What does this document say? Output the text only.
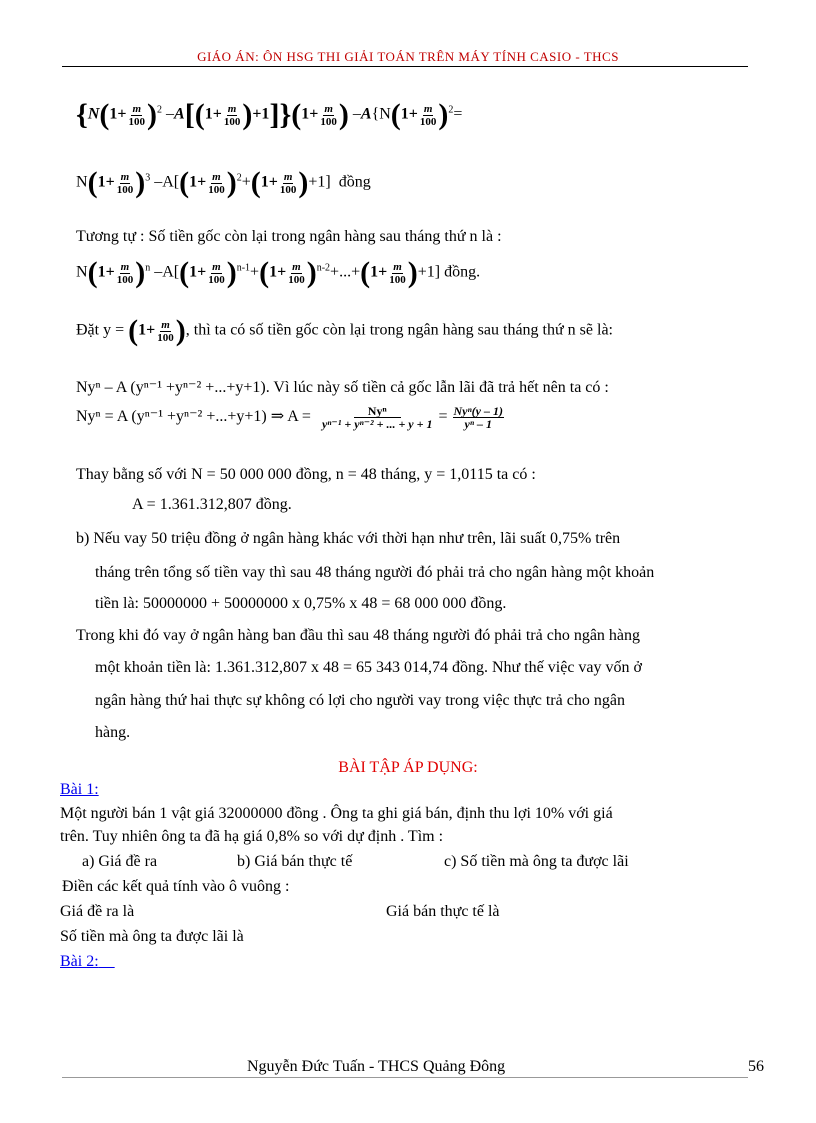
GIÁO ÁN: ÔN HSG THI GIẢI TOÁN TRÊN MÁY TÍNH CASIO - THCS
{$N(1+ \frac{m}{100} )^2$ $-A[(1+ \frac{m}{100} )+1]\}(1+ \frac{m}{100}$ ) $-A\{N(1+ \frac{m}{100} )^2=$
$N(1+ \frac{m}{100} )^3$ $-A[(1+ \frac{m}{100} )^2+(1+ \frac{m}{100} )+1]$ đồng
Tương tự : Số tiền gốc còn lại trong ngân hàng sau tháng thứ n là :
$N(1+ \frac{m}{100} )^n$ $-A[(1+ \frac{m}{100} )^{n-1}+(1+ \frac{m}{100} )^{n-2}+...+(1+ \frac{m}{100} )+1]$ đồng.
Đặt $y = (1+ \frac{m}{100}$ ), thì ta có số tiền gốc còn lại trong ngân hàng sau tháng thứ n sẽ là:
Nyⁿ – A (yⁿ⁻¹ +yⁿ⁻² +...+y+1). Vì lúc này số tiền cả gốc lẫn lãi đã trả hết nên ta có :
Nyⁿ = A (yⁿ⁻¹ +yⁿ⁻² +...+y+1) ⇒ $A = \frac{\text{Nyⁿ}}{\text{yⁿ⁻¹ + yⁿ⁻² + ... + y + 1}} = \frac{\text{Nyⁿ(y – 1)}}{\text{yⁿ – 1}}$
Thay bằng số với N = 50 000 000 đồng, n = 48 tháng, y = 1,0115 ta có :
A = 1.361.312,807 đồng.
b) Nếu vay 50 triệu đồng ở ngân hàng khác với thời hạn như trên, lãi suất 0,75% trên
tháng trên tổng số tiền vay thì sau 48 tháng người đó phải trả cho ngân hàng một khoản
tiền là: 50000000 + 50000000 x 0,75% x 48 = 68 000 000 đồng.
Trong khi đó vay ở ngân hàng ban đầu thì sau 48 tháng người đó phải trả cho ngân hàng
một khoản tiền là: 1.361.312,807 x 48 = 65 343 014,74 đồng. Như thế việc vay vốn ở
ngân hàng thứ hai thực sự không có lợi cho người vay trong việc thực trả cho ngân
hàng.
BÀI TẬP ÁP DỤNG:
Bài 1:
Một người bán 1 vật giá 32000000 đồng . Ông ta ghi giá bán, định thu lợi 10% với giá
trên. Tuy nhiên ông ta đã hạ giá 0,8% so với dự định . Tìm :
a) Giá đề ra	b) Giá bán thực tế	c) Số tiền mà ông ta được lãi
Điền các kết quả tính vào ô vuông :
Giá đề ra là	Giá bán thực tế là
Số tiền mà ông ta được lãi là
Bài 2:
Nguyễn Đức Tuấn - THCS Quảng Đông	56
